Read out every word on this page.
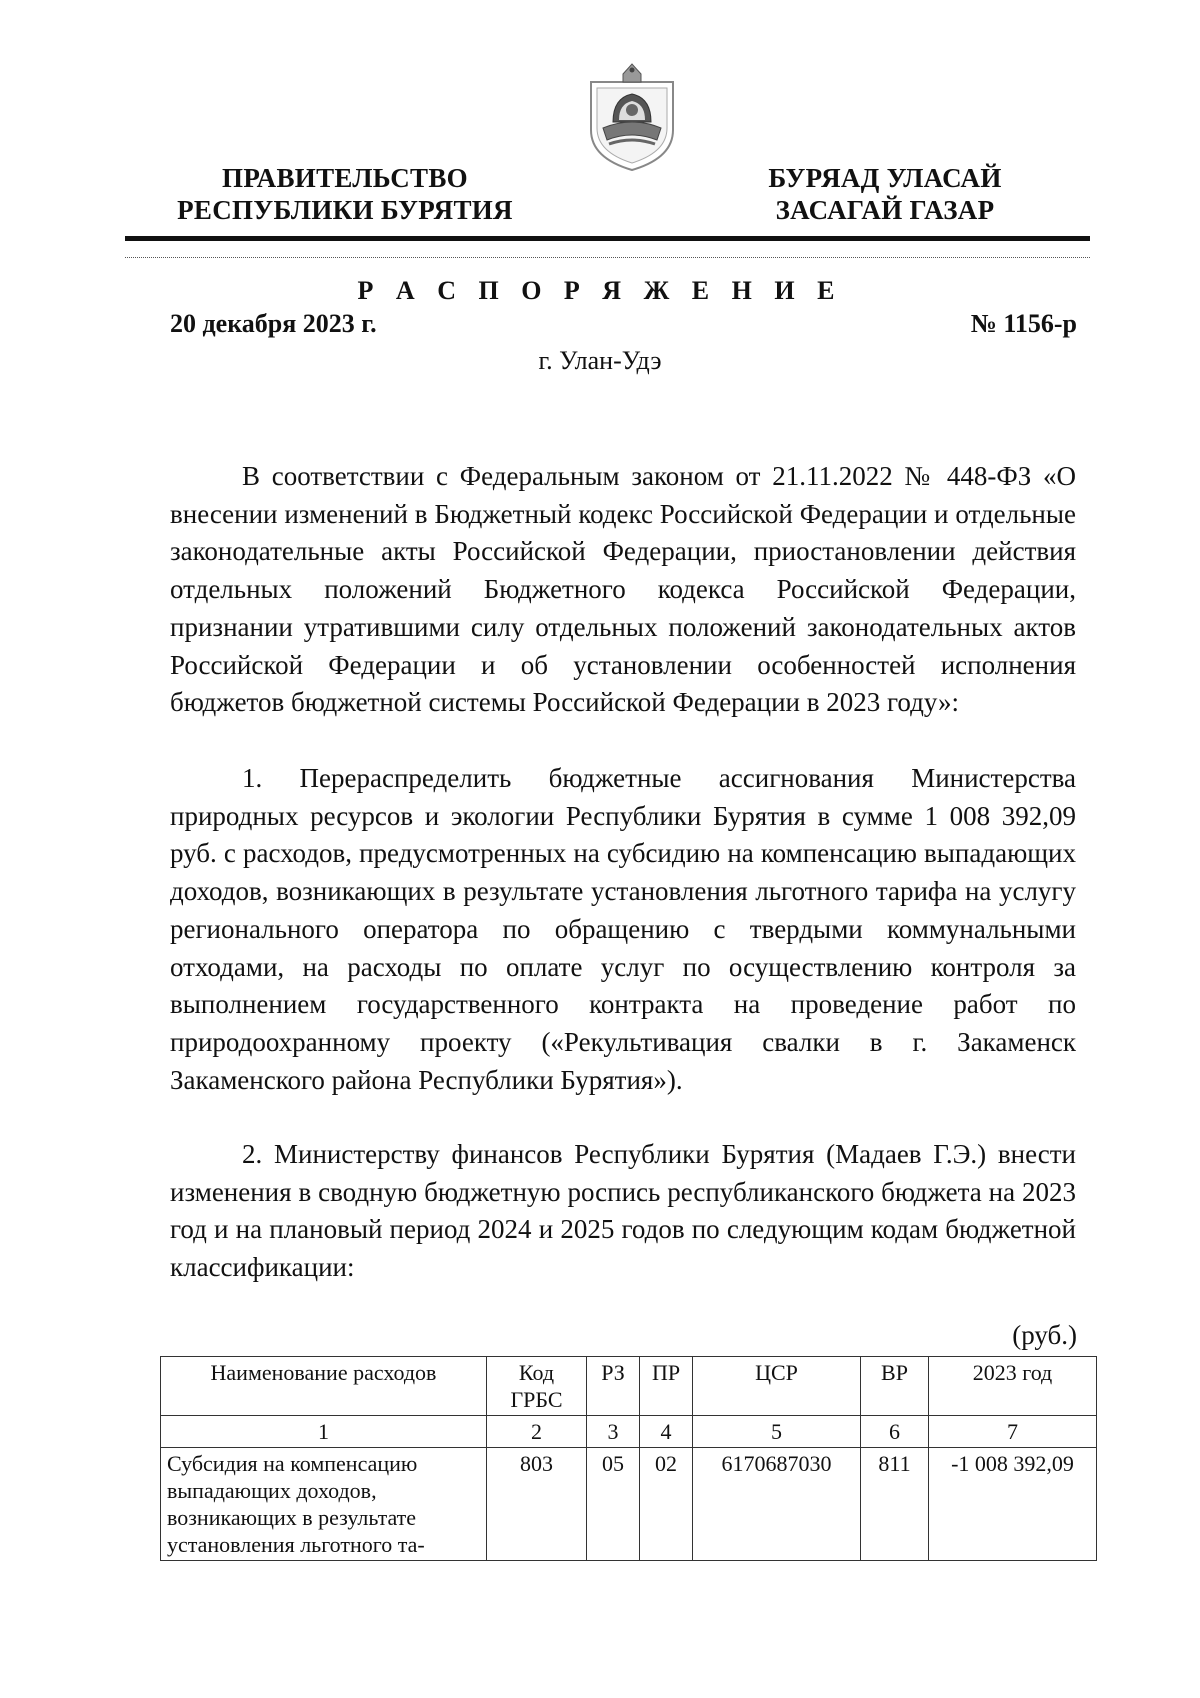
ПРАВИТЕЛЬСТВО
РЕСПУБЛИКИ БУРЯТИЯ
БУРЯАД УЛАСАЙ
ЗАСАГАЙ ГАЗАР
Р А С П О Р Я Ж Е Н И Е
20 декабря 2023 г.	№ 1156-р
г. Улан-Удэ

В соответствии с Федеральным законом от 21.11.2022 № 448-ФЗ «О внесении изменений в Бюджетный кодекс Российской Федерации и отдельные законодательные акты Российской Федерации, приостановлении действия отдельных положений Бюджетного кодекса Российской Федерации, признании утратившими силу отдельных положений законодательных актов Российской Федерации и об установлении особенностей исполнения бюджетов бюджетной системы Российской Федерации в 2023 году»:

1. Перераспределить бюджетные ассигнования Министерства природных ресурсов и экологии Республики Бурятия в сумме 1 008 392,09 руб. с расходов, предусмотренных на субсидию на компенсацию выпадающих доходов, возникающих в результате установления льготного тарифа на услугу регионального оператора по обращению с твердыми коммунальными отходами, на расходы по оплате услуг по осуществлению контроля за выполнением государственного контракта на проведение работ по природоохранному проекту («Рекультивация свалки в г. Закаменск Закаменского района Республики Бурятия»).

2. Министерству финансов Республики Бурятия (Мадаев Г.Э.) внести изменения в сводную бюджетную роспись республиканского бюджета на 2023 год и на плановый период 2024 и 2025 годов по следующим кодам бюджетной классификации:

(руб.)
Наименование расходов	Код ГРБС	РЗ	ПР	ЦСР	ВР	2023 год
1	2	3	4	5	6	7
Субсидия на компенсацию выпадающих доходов, возникающих в результате установления льготного та-	803	05	02	6170687030	811	-1 008 392,09
